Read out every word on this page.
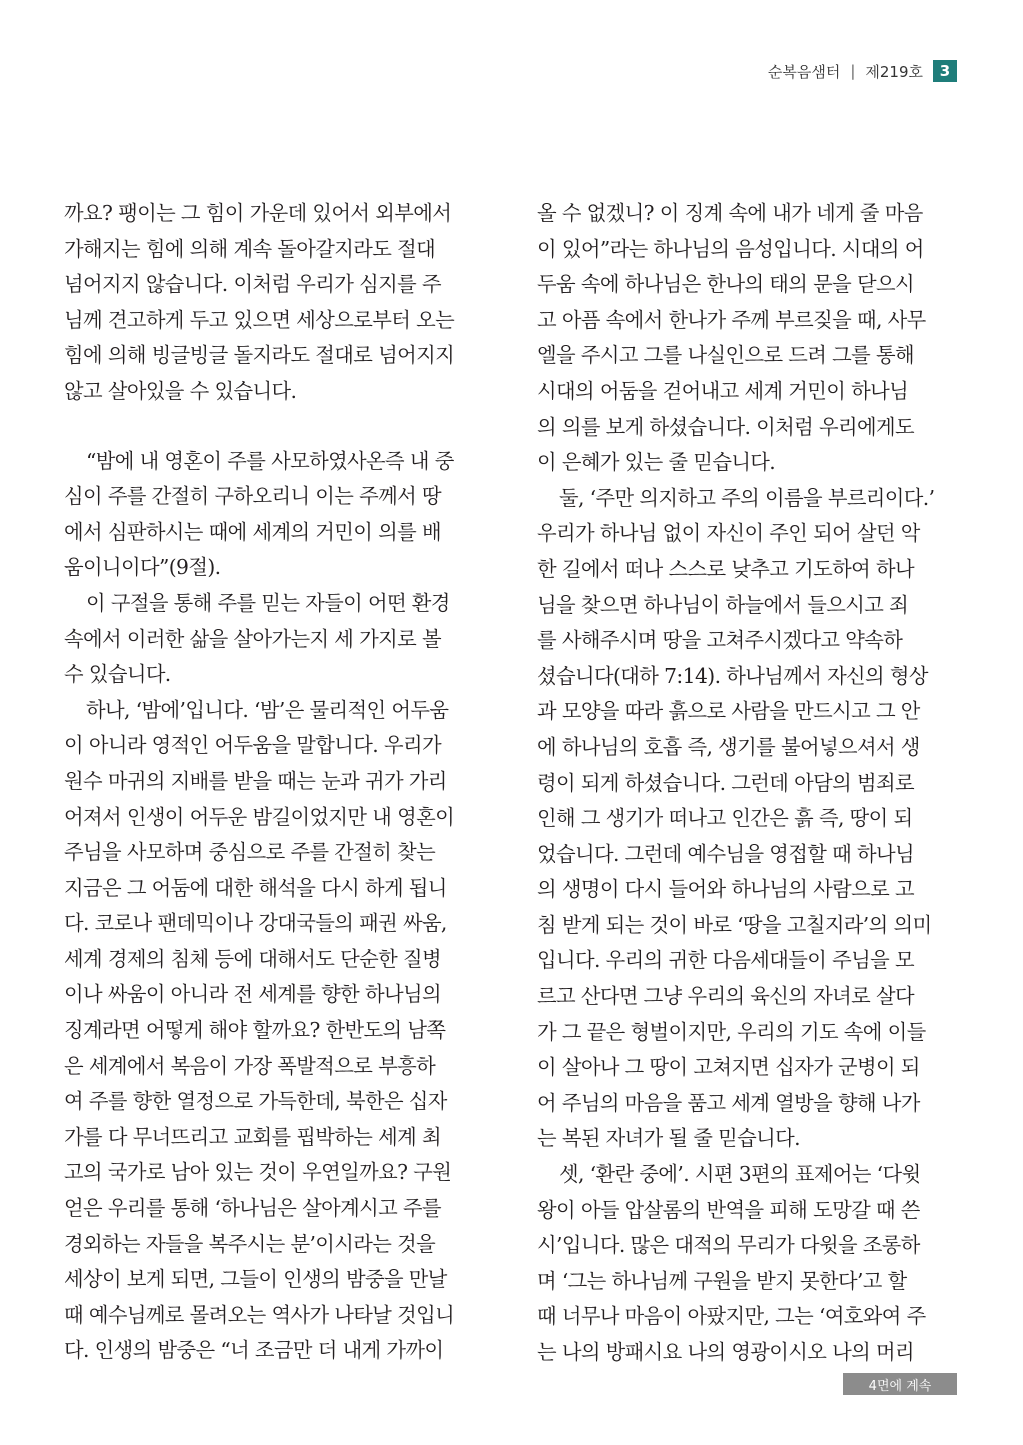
순복음샘터 | 제219호	3

까요? 팽이는 그 힘이 가운데 있어서 외부에서

가해지는 힘에 의해 계속 돌아갈지라도 절대

넘어지지 않습니다. 이처럼 우리가 심지를 주

님께 견고하게 두고 있으면 세상으로부터 오는

힘에 의해 빙글빙글 돌지라도 절대로 넘어지지

않고 살아있을 수 있습니다.

“밤에 내 영혼이 주를 사모하였사온즉 내 중

심이 주를 간절히 구하오리니 이는 주께서 땅

에서 심판하시는 때에 세계의 거민이 의를 배

움이니이다”(9절).

이 구절을 통해 주를 믿는 자들이 어떤 환경

속에서 이러한 삶을 살아가는지 세 가지로 볼

수 있습니다.

하나, ‘밤에’입니다. ‘밤’은 물리적인 어두움

이 아니라 영적인 어두움을 말합니다. 우리가

원수 마귀의 지배를 받을 때는 눈과 귀가 가리

어져서 인생이 어두운 밤길이었지만 내 영혼이

주님을 사모하며 중심으로 주를 간절히 찾는

지금은 그 어둠에 대한 해석을 다시 하게 됩니

다. 코로나 팬데믹이나 강대국들의 패권 싸움,

세계 경제의 침체 등에 대해서도 단순한 질병

이나 싸움이 아니라 전 세계를 향한 하나님의

징계라면 어떻게 해야 할까요? 한반도의 남쪽

은 세계에서 복음이 가장 폭발적으로 부흥하

여 주를 향한 열정으로 가득한데, 북한은 십자

가를 다 무너뜨리고 교회를 핍박하는 세계 최

고의 국가로 남아 있는 것이 우연일까요? 구원

얻은 우리를 통해 ‘하나님은 살아계시고 주를

경외하는 자들을 복주시는 분’이시라는 것을

세상이 보게 되면, 그들이 인생의 밤중을 만날

때 예수님께로 몰려오는 역사가 나타날 것입니

다. 인생의 밤중은 “너 조금만 더 내게 가까이

올 수 없겠니? 이 징계 속에 내가 네게 줄 마음

이 있어”라는 하나님의 음성입니다. 시대의 어

두움 속에 하나님은 한나의 태의 문을 닫으시

고 아픔 속에서 한나가 주께 부르짖을 때, 사무

엘을 주시고 그를 나실인으로 드려 그를 통해

시대의 어둠을 걷어내고 세계 거민이 하나님

의 의를 보게 하셨습니다. 이처럼 우리에게도

이 은혜가 있는 줄 믿습니다.

둘, ‘주만 의지하고 주의 이름을 부르리이다.’

우리가 하나님 없이 자신이 주인 되어 살던 악

한 길에서 떠나 스스로 낮추고 기도하여 하나

님을 찾으면 하나님이 하늘에서 들으시고 죄

를 사해주시며 땅을 고쳐주시겠다고 약속하

셨습니다(대하 7:14). 하나님께서 자신의 형상

과 모양을 따라 흙으로 사람을 만드시고 그 안

에 하나님의 호흡 즉, 생기를 불어넣으셔서 생

령이 되게 하셨습니다. 그런데 아담의 범죄로

인해 그 생기가 떠나고 인간은 흙 즉, 땅이 되

었습니다. 그런데 예수님을 영접할 때 하나님

의 생명이 다시 들어와 하나님의 사람으로 고

침 받게 되는 것이 바로 ‘땅을 고칠지라’의 의미

입니다. 우리의 귀한 다음세대들이 주님을 모

르고 산다면 그냥 우리의 육신의 자녀로 살다

가 그 끝은 형벌이지만, 우리의 기도 속에 이들

이 살아나 그 땅이 고쳐지면 십자가 군병이 되

어 주님의 마음을 품고 세계 열방을 향해 나가

는 복된 자녀가 될 줄 믿습니다.

셋, ‘환란 중에’. 시편 3편의 표제어는 ‘다윗

왕이 아들 압살롬의 반역을 피해 도망갈 때 쓴

시’입니다. 많은 대적의 무리가 다윗을 조롱하

며 ‘그는 하나님께 구원을 받지 못한다’고 할

때 너무나 마음이 아팠지만, 그는 ‘여호와여 주

는 나의 방패시요 나의 영광이시오 나의 머리

4면에 계속
